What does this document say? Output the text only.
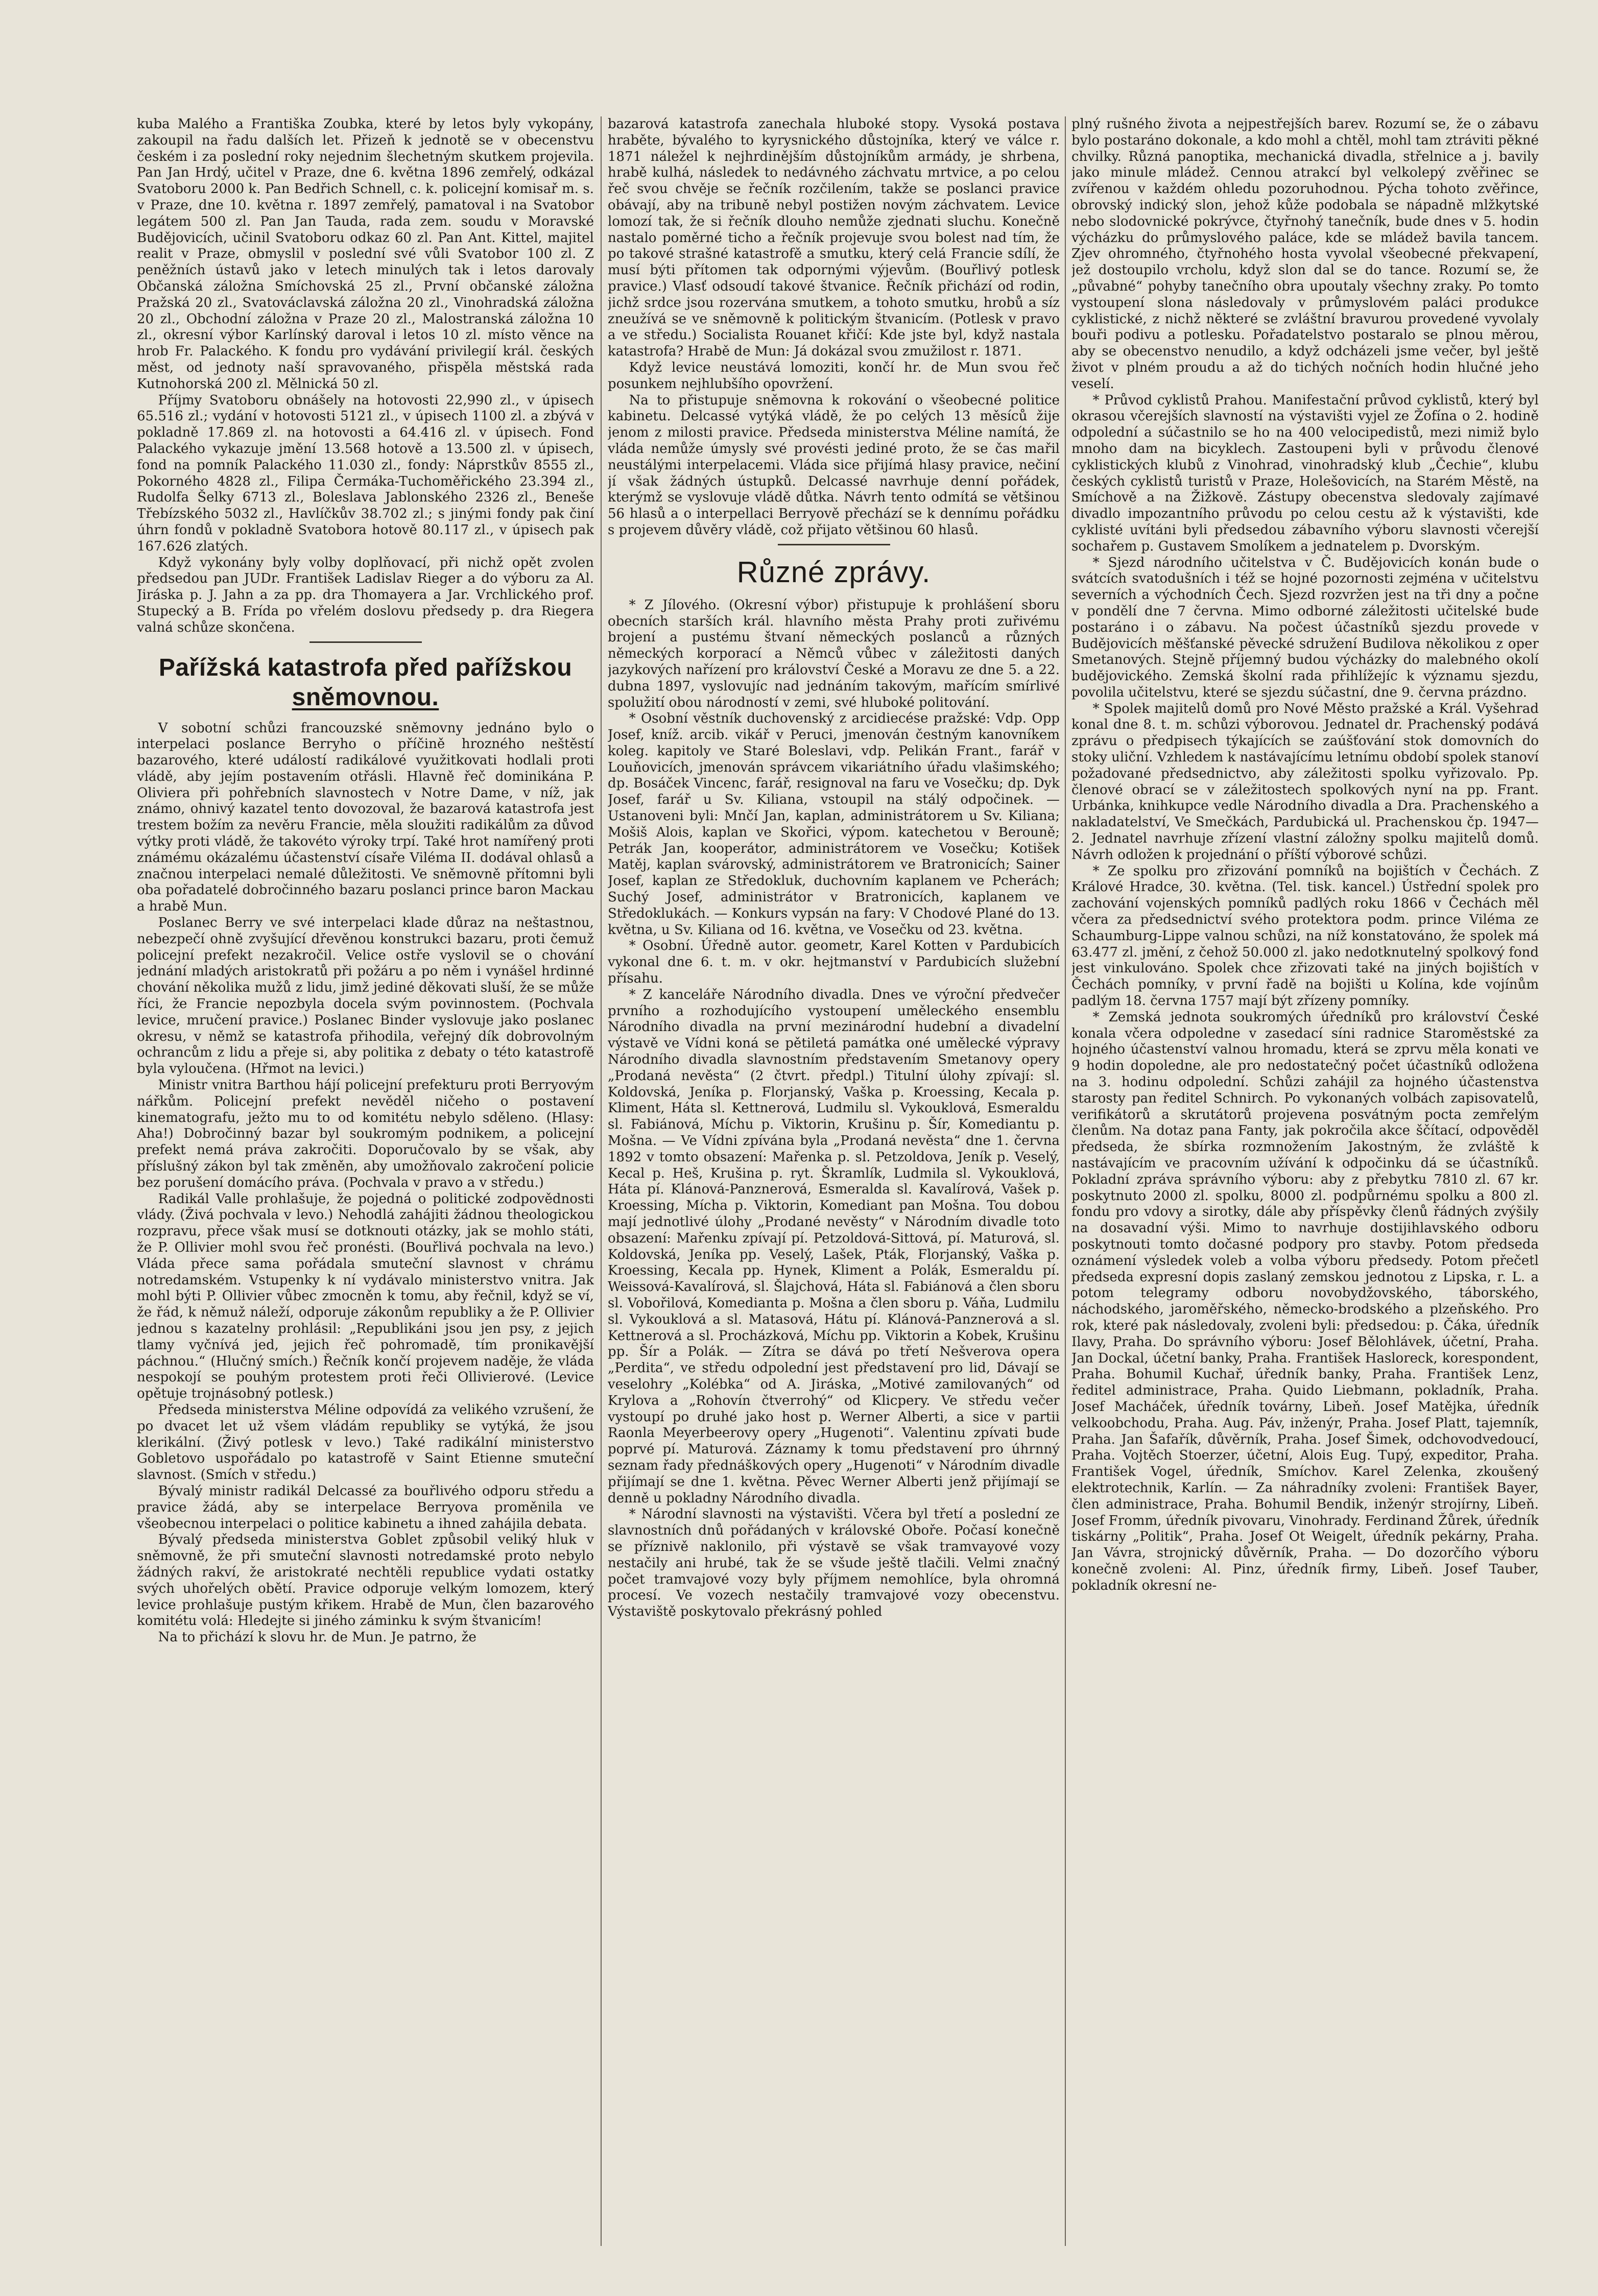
kuba Malého a Františka Zoubka, které by letos byly vykopány, zakoupil na řadu dalších let. Přizeň k jednotě se v obecenstvu českém i za poslední roky nejednim šlechetným skutkem projevila. Pan Jan Hrdý, učitel v Praze, dne 6. května 1896 zemřelý, odkázal Svatoboru 2000 k. Pan Bedřich Schnell, c. k. policejní komisař m. s. v Praze, dne 10. května r. 1897 zemřelý, pamatoval i na Svatobor legátem 500 zl. Pan Jan Tauda, rada zem. soudu v Moravské Budějovicích, učinil Svatoboru odkaz 60 zl. Pan Ant. Kittel, majitel realit v Praze, obmyslil v poslední své vůli Svatobor 100 zl. Z peněžních ústavů jako v letech minulých tak i letos darovaly Občanská záložna Smíchovská 25 zl., První občanské záložna Pražská 20 zl., Svatováclavská záložna 20 zl., Vinohradská záložna 20 zl., Obchodní záložna v Praze 20 zl., Malostranská záložna 10 zl., okresní výbor Karlínský daroval i letos 10 zl. místo věnce na hrob Fr. Palackého. K fondu pro vydávání privilegií král. českých měst, od jednoty naší spravovaného, přispěla městská rada Kutnohorská 200 zl. Mělnická 50 zl.

Příjmy Svatoboru obnášely na hotovosti 22,990 zl., v úpisech 65.516 zl.; vydání v hotovosti 5121 zl., v úpisech 1100 zl. a zbývá v pokladně 17.869 zl. na hotovosti a 64.416 zl. v úpisech. Fond Palackého vykazuje jmění 13.568 hotově a 13.500 zl. v úpisech, fond na pomník Palackého 11.030 zl., fondy: Náprstkův 8555 zl., Pokorného 4828 zl., Filipa Čermáka-Tuchoměřického 23.394 zl., Rudolfa Šelky 6713 zl., Boleslava Jablonského 2326 zl., Beneše Třebízského 5032 zl., Havlíčkův 38.702 zl.; s jinými fondy pak činí úhrn fondů v pokladně Svatobora hotově 80.117 zl., v úpisech pak 167.626 zlatých.

Když vykonány byly volby doplňovací, při nichž opět zvolen předsedou pan JUDr. František Ladislav Rieger a do výboru za Al. Jiráska p. J. Jahn a za pp. dra Thomayera a Jar. Vrchlického prof. Stupecký a B. Frída po vřelém doslovu předsedy p. dra Riegera valná schůze skončena.

Pařížská katastrofa před pařížskou
sněmovnou.

V sobotní schůzi francouzské sněmovny jednáno bylo o interpelaci poslance Berryho o příčině hrozného neštěstí bazarového, které událostí radikálové využitkovati hodlali proti vládě, aby jejím postavením otřásli. Hlavně řeč dominikána P. Oliviera při pohřebních slavnostech v Notre Dame, v níž, jak známo, ohnivý kazatel tento dovozoval, že bazarová katastrofa jest trestem božím za nevěru Francie, měla sloužiti radikálům za důvod výtky proti vládě, že takovéto výroky trpí. Také hrot namířený proti známému okázalému účastenství císaře Viléma II. dodával ohlasů a značnou interpelaci nemalé důležitosti. Ve sněmovně přítomni byli oba pořadatelé dobročinného bazaru poslanci prince baron Mackau a hrabě Mun.

Poslanec Berry ve své interpelaci klade důraz na neštastnou, nebezpečí ohně zvyšující dřevěnou konstrukci bazaru, proti čemuž policejní prefekt nezakročil. Velice ostře vyslovil se o chování jednání mladých aristokratů při požáru a po něm i vynášel hrdinné chování několika mužů z lidu, jimž jediné děkovati sluší, že se může říci, že Francie nepozbyla docela svým povinnostem. (Pochvala levice, mručení pravice.) Poslanec Binder vyslovuje jako poslanec okresu, v němž se katastrofa přihodila, veřejný dík dobrovolným ochrancům z lidu a přeje si, aby politika z debaty o této katastrofě byla vyloučena. (Hřmot na levici.)

Ministr vnitra Barthou hájí policejní prefekturu proti Berryovým nářkům. Policejní prefekt nevěděl ničeho o postavení kinematografu, ježto mu to od komitétu nebylo sděleno. (Hlasy: Aha!) Dobročinný bazar byl soukromým podnikem, a policejní prefekt nemá práva zakročiti. Doporučovalo by se však, aby příslušný zákon byl tak změněn, aby umožňovalo zakročení policie bez porušení domácího práva. (Pochvala v pravo a v středu.)

Radikál Valle prohlašuje, že pojedná o politické zodpovědnosti vlády. (Živá pochvala v levo.) Nehodlá zahájiti žádnou theologickou rozpravu, přece však musí se dotknouti otázky, jak se mohlo státi, že P. Ollivier mohl svou řeč pronésti. (Bouřlivá pochvala na levo.) Vláda přece sama pořádala smuteční slavnost v chrámu notredamském. Vstupenky k ní vydávalo ministerstvo vnitra. Jak mohl býti P. Ollivier vůbec zmocněn k tomu, aby řečnil, když se ví, že řád, k němuž náleží, odporuje zákonům republiky a že P. Ollivier jednou s kazatelny prohlásil: „Republikáni jsou jen psy, z jejich tlamy vyčnívá jed, jejich řeč pohromadě, tím pronikavější páchnou.“ (Hlučný smích.) Řečník končí projevem naděje, že vláda nespokojí se pouhým protestem proti řeči Ollivierové. (Levice opětuje trojnásobný potlesk.)

Předseda ministerstva Méline odpovídá za velikého vzrušení, že po dvacet let už všem vládám republiky se vytýká, že jsou klerikální. (Živý potlesk v levo.) Také radikální ministerstvo Gobletovo uspořádalo po katastrofě v Saint Etienne smuteční slavnost. (Smích v středu.)

Bývalý ministr radikál Delcassé za bouřlivého odporu středu a pravice žádá, aby se interpelace Berryova proměnila ve všeobecnou interpelaci o politice kabinetu a ihned zahájila debata.

Bývalý předseda ministerstva Goblet způsobil veliký hluk v sněmovně, že při smuteční slavnosti notredamské proto nebylo žádných rakví, že aristokraté nechtěli republice vydati ostatky svých uhořelých obětí. Pravice odporuje velkým lomozem, který levice prohlašuje pustým křikem. Hrabě de Mun, člen bazarového komitétu volá: Hledejte si jiného záminku k svým štvanicím!

Na to přichází k slovu hr. de Mun. Je patrno, že

bazarová katastrofa zanechala hluboké stopy. Vysoká postava hraběte, bývalého to kyrysnického důstojníka, který ve válce r. 1871 náležel k nejhrdinějším důstojníkům armády, je shrbena, hrabě kulhá, následek to nedávného záchvatu mrtvice, a po celou řeč svou chvěje se řečník rozčilením, takže se poslanci pravice obávají, aby na tribuně nebyl postižen novým záchvatem. Levice lomozí tak, že si řečník dlouho nemůže zjednati sluchu. Konečně nastalo poměrné ticho a řečník projevuje svou bolest nad tím, že po takové strašné katastrofě a smutku, který celá Francie sdílí, že musí býti přítomen tak odpornými výjevům. (Bouřlivý potlesk pravice.) Vlasť odsoudí takové štvanice. Řečník přichází od rodin, jichž srdce jsou rozervána smutkem, a tohoto smutku, hrobů a síz zneužívá se ve sněmovně k politickým štvanicím. (Potlesk v pravo a ve středu.) Socialista Rouanet křičí: Kde jste byl, když nastala katastrofa? Hrabě de Mun: Já dokázal svou zmužilost r. 1871.

Když levice neustává lomoziti, končí hr. de Mun svou řeč posunkem nejhlubšího opovržení.

Na to přistupuje sněmovna k rokování o všeobecné politice kabinetu. Delcassé vytýká vládě, že po celých 13 měsíců žije jenom z milosti pravice. Předseda ministerstva Méline namítá, že vláda nemůže úmysly své provésti jediné proto, že se čas mařil neustálými interpelacemi. Vláda sice přijímá hlasy pravice, nečiní jí však žádných ústupků. Delcassé navrhuje denní pořádek, kterýmž se vyslovuje vládě důtka. Návrh tento odmítá se většinou 56 hlasů a o interpellaci Berryově přechází se k dennímu pořádku s projevem důvěry vládě, což přijato většinou 60 hlasů.

Různé zprávy.

* Z Jílového. (Okresní výbor) přistupuje k prohlášení sboru obecních starších král. hlavního města Prahy proti zuřivému brojení a pustému štvaní německých poslanců a různých německých korporací a Němců vůbec v záležitosti daných jazykových nařízení pro království České a Moravu ze dne 5. a 22. dubna 1897, vyslovujíc nad jednáním takovým, mařícím smírlivé spolužití obou národností v zemi, své hluboké politování.

* Osobní věstník duchovenský z arcidiecése pražské: Vdp. Opp Josef, kníž. arcib. vikář v Peruci, jmenován čestným kanovníkem koleg. kapitoly ve Staré Boleslavi, vdp. Pelikán Frant., farář v Louňovicích, jmenován správcem vikariátního úřadu vlašimského; dp. Bosáček Vincenc, farář, resignoval na faru ve Vosečku; dp. Dyk Josef, farář u Sv. Kiliana, vstoupil na stálý odpočinek. — Ustanoveni byli: Mnčí Jan, kaplan, administrátorem u Sv. Kiliana; Mošiš Alois, kaplan ve Skořici, výpom. katechetou v Berouně; Petrák Jan, kooperátor, administrátorem ve Vosečku; Kotišek Matěj, kaplan svárovský, administrátorem ve Bratronicích; Sainer Josef, kaplan ze Středokluk, duchovním kaplanem ve Pcherách; Suchý Josef, administrátor v Bratronicích, kaplanem ve Středoklukách. — Konkurs vypsán na fary: V Chodové Plané do 13. května, u Sv. Kiliana od 16. května, ve Vosečku od 23. května.

* Osobní. Úředně autor. geometr, Karel Kotten v Pardubicích vykonal dne 6. t. m. v okr. hejtmanství v Pardubicích služební přísahu.

* Z kanceláře Národního divadla. Dnes ve výroční předvečer prvního a rozhodujícího vystoupení uměleckého ensemblu Národního divadla na první mezinárodní hudební a divadelní výstavě ve Vídni koná se pětiletá památka oné umělecké výpravy Národního divadla slavnostním představením Smetanovy opery „Prodaná nevěsta“ (2 čtvrt. předpl.) Titulní úlohy zpívají: sl. Koldovská, Jeníka p. Florjanský, Vaška p. Kroessing, Kecala p. Kliment, Háta sl. Kettnerová, Ludmilu sl. Vykouklová, Esmeraldu sl. Fabiánová, Míchu p. Viktorin, Krušinu p. Šír, Komediantu p. Mošna. — Ve Vídni zpívána byla „Prodaná nevěsta“ dne 1. června 1892 v tomto obsazení: Mařenka p. sl. Petzoldova, Jeník p. Veselý, Kecal p. Heš, Krušina p. ryt. Škramlík, Ludmila sl. Vykouklová, Háta pí. Klánová-Panznerová, Esmeralda sl. Kavalírová, Vašek p. Kroessing, Mícha p. Viktorin, Komediant pan Mošna. Tou dobou mají jednotlivé úlohy „Prodané nevěsty“ v Národním divadle toto obsazení: Mařenku zpívají pí. Petzoldová-Sittová, pí. Maturová, sl. Koldovská, Jeníka pp. Veselý, Lašek, Pták, Florjanský, Vaška p. Kroessing, Kecala pp. Hynek, Kliment a Polák, Esmeraldu pí. Weissová-Kavalírová, sl. Šlajchová, Háta sl. Fabiánová a člen sboru sl. Vobořilová, Komedianta p. Mošna a člen sboru p. Váňa, Ludmilu sl. Vykouklová a sl. Matasová, Hátu pí. Klánová-Panznerová a sl. Kettnerová a sl. Procházková, Míchu pp. Viktorin a Kobek, Krušinu pp. Šír a Polák. — Zítra se dává po třetí Nešverova opera „Perdita“, ve středu odpolední jest představení pro lid, Dávají se veselohry „Kolébka“ od A. Jiráska, „Motivé zamilovaných“ od Krylova a „Rohovín čtverrohý“ od Klicpery. Ve středu večer vystoupí po druhé jako host p. Werner Alberti, a sice v partii Raonla Meyerbeerovy opery „Hugenoti“. Valentinu zpívati bude poprvé pí. Maturová. Záznamy k tomu představení pro úhrnný seznam řady přednáškových opery „Hugenoti“ v Národním divadle přijímají se dne 1. května. Pěvec Werner Alberti jenž přijímají se denně u pokladny Národního divadla.

* Národní slavnosti na výstavišti. Včera byl třetí a poslední ze slavnostních dnů pořádaných v královské Oboře. Počasí konečně se příznivě naklonilo, při výstavě se však tramvayové vozy nestačily ani hrubé, tak že se všude ještě tlačili. Velmi značný počet tramvajové vozy byly příjmem nemohlíce, byla ohromná procesí. Ve vozech nestačily tramvajové vozy obecenstvu. Výstaviště poskytovalo překrásný pohled

plný rušného života a nejpestřejších barev. Rozumí se, že o zábavu bylo postaráno dokonale, a kdo mohl a chtěl, mohl tam ztráviti pěkné chvilky. Různá panoptika, mechanická divadla, střelnice a j. bavily jako minule mládež. Cennou atrakcí byl velkolepý zvěřinec se zvířenou v každém ohledu pozoruhodnou. Pýcha tohoto zvěřince, obrovský indický slon, jehož kůže podobala se nápadně mlžkytské nebo slodovnické pokrývce, čtyřnohý tanečník, bude dnes v 5. hodin výcházku do průmyslového paláce, kde se mládež bavila tancem. Zjev ohromného, čtyřnohého hosta vyvolal všeobecné překvapení, jež dostoupilo vrcholu, když slon dal se do tance. Rozumí se, že „půvabné“ pohyby tanečního obra upoutaly všechny zraky. Po tomto vystoupení slona následovaly v průmyslovém paláci produkce cyklistické, z nichž některé se zvláštní bravurou provedené vyvolaly bouři podivu a potlesku. Pořadatelstvo postaralo se plnou měrou, aby se obecenstvo nenudilo, a když odcházeli jsme večer, byl ještě život v plném proudu a až do tichých nočních hodin hlučné jeho veselí.

* Průvod cyklistů Prahou. Manifestační průvod cyklistů, který byl okrasou včerejších slavností na výstavišti vyjel ze Žofína o 2. hodině odpolední a súčastnilo se ho na 400 velocipedistů, mezi nimiž bylo mnoho dam na bicyklech. Zastoupeni byli v průvodu členové cyklistických klubů z Vinohrad, vinohradský klub „Čechie“, klubu českých cyklistů turistů v Praze, Holešovicích, na Starém Městě, na Smíchově a na Žižkově. Zástupy obecenstva sledovaly zajímavé divadlo impozantního průvodu po celou cestu až k výstavišti, kde cyklisté uvítáni byli předsedou zábavního výboru slavnosti včerejší sochařem p. Gustavem Smolíkem a jednatelem p. Dvorským.

* Sjezd národního učitelstva v Č. Budějovicích konán bude o svátcích svatodušních i též se hojné pozornosti zejména v učitelstvu severních a východních Čech. Sjezd rozvržen jest na tři dny a počne v pondělí dne 7 června. Mimo odborné záležitosti učitelské bude postaráno i o zábavu. Na počest účastníků sjezdu provede v Budějovicích měšťanské pěvecké sdružení Budilova několikou z oper Smetanových. Stejně příjemný budou výcházky do malebného okolí budějovického. Zemská školní rada přihlížejíc k významu sjezdu, povolila učitelstvu, které se sjezdu súčastní, dne 9. června prázdno.

* Spolek majitelů domů pro Nové Město pražské a Král. Vyšehrad konal dne 8. t. m. schůzi výborovou. Jednatel dr. Prachenský podává zprávu o předpisech týkajících se zaúšťování stok domovních do stoky uliční. Vzhledem k nastávajícímu letnímu období spolek stanoví požadované předsednictvo, aby záležitosti spolku vyřizovalo. Pp. členové obrací se v záležitostech spolkových nyní na pp. Frant. Urbánka, knihkupce vedle Národního divadla a Dra. Prachenského a nakladatelství, Ve Smečkách, Pardubická ul. Prachenskou čp. 1947—2. Jednatel navrhuje zřízení vlastní záložny spolku majitelů domů. Návrh odložen k projednání o příští výborové schůzi.

* Ze spolku pro zřizování pomníků na bojištích v Čechách. Z Králové Hradce, 30. května. (Tel. tisk. kancel.) Ústřední spolek pro zachování vojenských pomníků padlých roku 1866 v Čechách měl včera za předsednictví svého protektora podm. prince Viléma ze Schaumburg-Lippe valnou schůzi, na níž konstatováno, že spolek má 63.477 zl. jmění, z čehož 50.000 zl. jako nedotknutelný spolkový fond jest vinkulováno. Spolek chce zřizovati také na jiných bojištích v Čechách pomníky, v první řadě na bojišti u Kolína, kde vojínům padlým 18. června 1757 mají být zřízeny pomníky.

* Zemská jednota soukromých úředníků pro království České konala včera odpoledne v zasedací síni radnice Staroměstské za hojného účastenství valnou hromadu, která se zprvu měla konati ve 9 hodin dopoledne, ale pro nedostatečný počet účastníků odložena na 3. hodinu odpolední. Schůzi zahájil za hojného účastenstva starosty pan ředitel Schnirch. Po vykonaných volbách zapisovatelů, verifikátorů a skrutátorů projevena posvátným pocta zemřelým členům. Na dotaz pana Fanty, jak pokročila akce ščítací, odpověděl předseda, že sbírka rozmnožením Jakostným, že zvláště k nastávajícím ve pracovním užívání k odpočinku dá se účastníků. Pokladní zpráva správního výboru: aby z přebytku 7810 zl. 67 kr. poskytnuto 2000 zl. spolku, 8000 zl. podpůrnému spolku a 800 zl. fondu pro vdovy a sirotky, dále aby příspěvky členů řádných zvýšily na dosavadní výši. Mimo to navrhuje dostijihlavského odboru poskytnouti tomto dočasné podpory pro stavby. Potom předseda oznámení výsledek voleb a volba výboru předsedy. Potom přečetl předseda expresní dopis zaslaný zemskou jednotou z Lipska, r. L. a potom telegramy odboru novobydžovského, táborského, náchodského, jaroměřského, německo-brodského a plzeňského. Pro rok, které pak následovaly, zvoleni byli: předsedou: p. Čáka, úředník Ilavy, Praha. Do správního výboru: Josef Bělohlávek, účetní, Praha. Jan Dockal, účetní banky, Praha. František Hasloreck, korespondent, Praha. Bohumil Kuchař, úředník banky, Praha. František Lenz, ředitel administrace, Praha. Quido Liebmann, pokladník, Praha. Josef Macháček, úředník továrny, Libeň. Josef Matějka, úředník velkoobchodu, Praha. Aug. Páv, inženýr, Praha. Josef Platt, tajemník, Praha. Jan Šafařík, důvěrník, Praha. Josef Šimek, odchovodvedoucí, Praha. Vojtěch Stoerzer, účetní, Alois Eug. Tupý, expeditor, Praha. František Vogel, úředník, Smíchov. Karel Zelenka, zkoušený elektrotechnik, Karlín. — Za náhradníky zvoleni: František Bayer, člen administrace, Praha. Bohumil Bendik, inženýr strojírny, Libeň. Josef Fromm, úředník pivovaru, Vinohrady. Ferdinand Žůrek, úředník tiskárny „Politik“, Praha. Josef Ot Weigelt, úředník pekárny, Praha. Jan Vávra, strojnický důvěrník, Praha. — Do dozorčího výboru konečně zvoleni: Al. Pinz, úředník firmy, Libeň. Josef Tauber, pokladník okresní ne-
